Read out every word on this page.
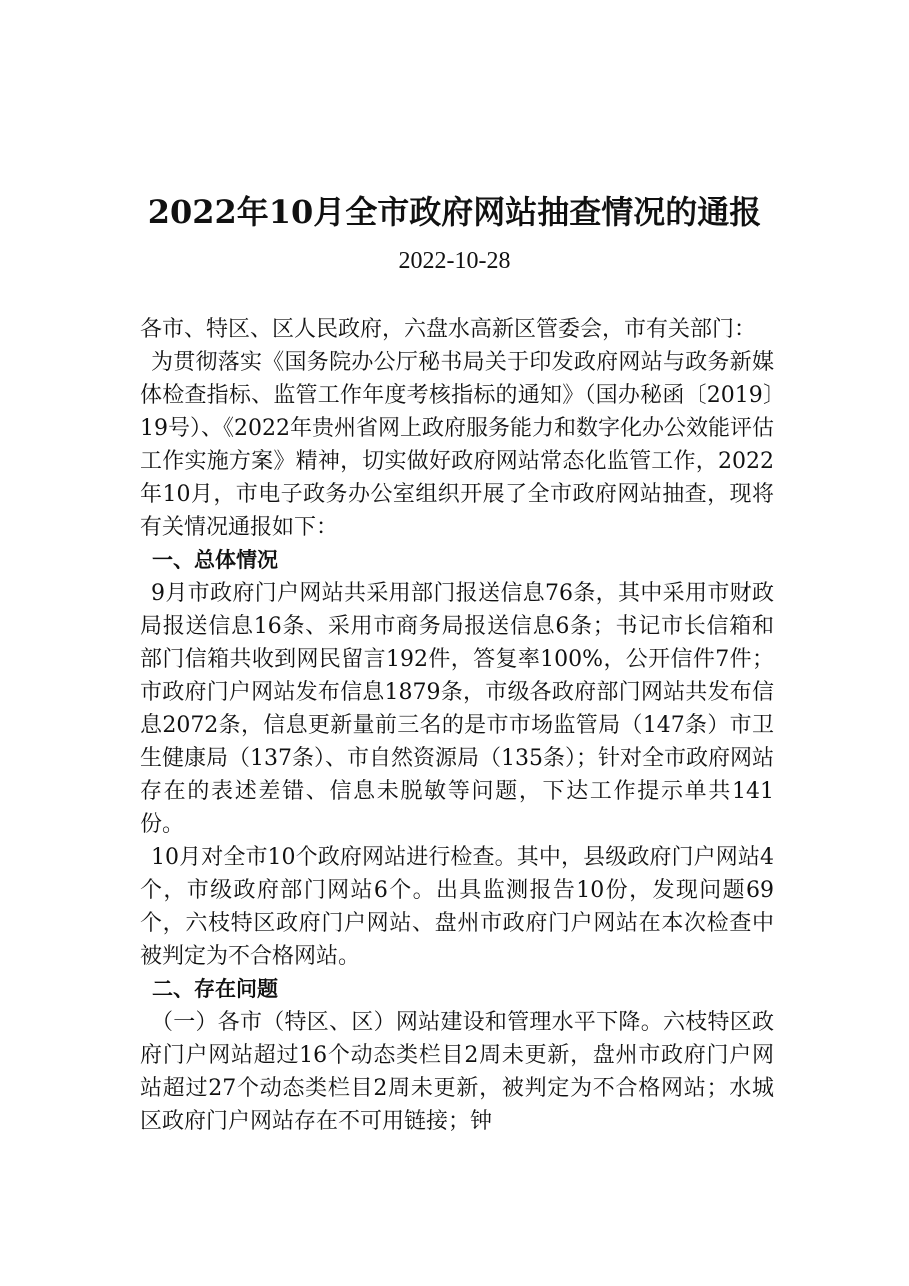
2022年10月全市政府网站抽查情况的通报
2022-10-28

各市、特区、区人民政府，六盘水高新区管委会，市有关部门：

为贯彻落实《国务院办公厅秘书局关于印发政府网站与政务新媒体检查指标、监管工作年度考核指标的通知》（国办秘函〔2019〕19号）、《2022年贵州省网上政府服务能力和数字化办公效能评估工作实施方案》精神，切实做好政府网站常态化监管工作，2022年10月，市电子政务办公室组织开展了全市政府网站抽查，现将有关情况通报如下：

一、总体情况

9月市政府门户网站共采用部门报送信息76条，其中采用市财政局报送信息16条、采用市商务局报送信息6条；书记市长信箱和部门信箱共收到网民留言192件，答复率100%，公开信件7件；市政府门户网站发布信息1879条，市级各政府部门网站共发布信息2072条，信息更新量前三名的是市市场监管局（147条）市卫生健康局（137条）、市自然资源局（135条）；针对全市政府网站存在的表述差错、信息未脱敏等问题，下达工作提示单共141份。

10月对全市10个政府网站进行检查。其中，县级政府门户网站4个，市级政府部门网站6个。出具监测报告10份，发现问题69个，六枝特区政府门户网站、盘州市政府门户网站在本次检查中被判定为不合格网站。

二、存在问题

（一）各市（特区、区）网站建设和管理水平下降。六枝特区政府门户网站超过16个动态类栏目2周未更新，盘州市政府门户网站超过27个动态类栏目2周未更新，被判定为不合格网站；水城区政府门户网站存在不可用链接；钟
